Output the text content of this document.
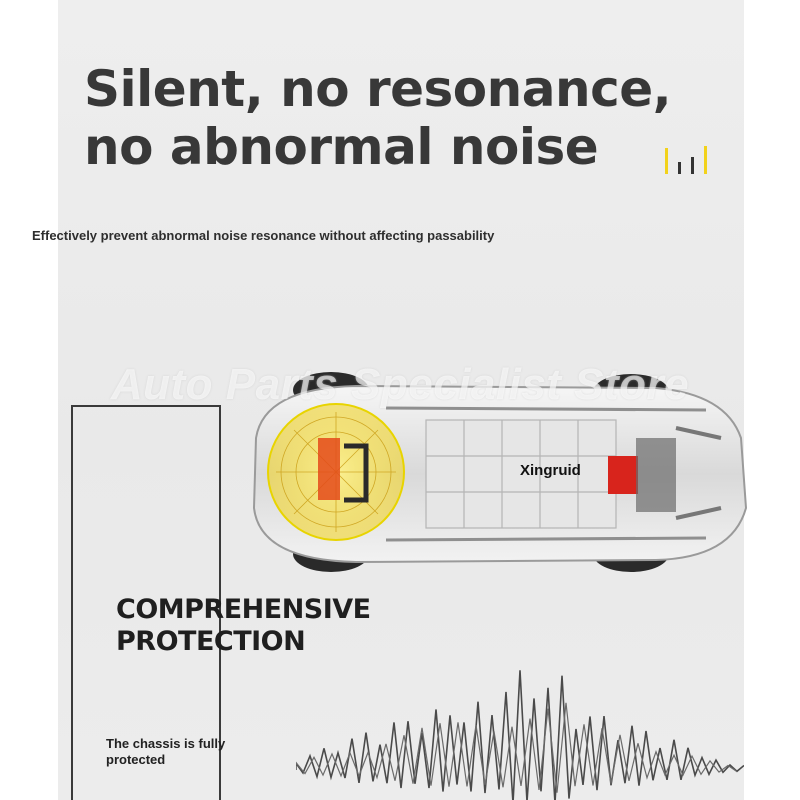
Silent, no resonance,
no abnormal noise

Effectively prevent abnormal noise resonance without affecting passability

Auto Parts Specialist Store
Xingruid
COMPREHENSIVE
PROTECTION

The chassis is fully
protected
